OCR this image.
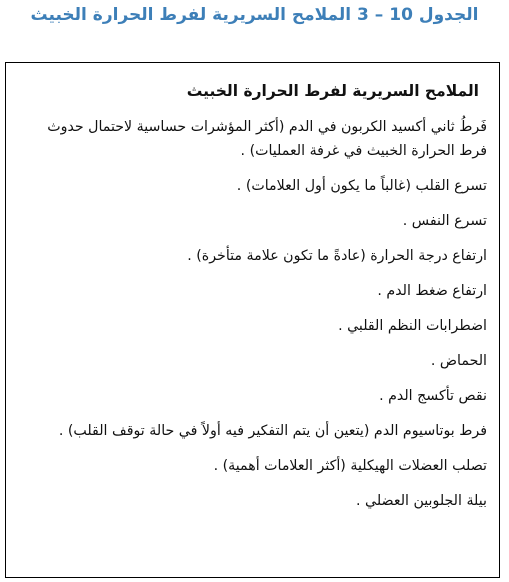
الجدول 10 – 3 الملامح السريرية لفرط الحرارة الخبيث
الملامح السريرية لفرط الحرارة الخبيث
فَرطُ ثاني أكسيد الكربون في الدم (أكثر المؤشرات حساسية لاحتمال حدوث فرط الحرارة الخبيث في غرفة العمليات) .
تسرع القلب (غالباً ما يكون أول العلامات) .
تسرع النفس .
ارتفاع درجة الحرارة (عادةً ما تكون علامة متأخرة) .
ارتفاع ضغط الدم .
اضطرابات النظم القلبي .
الحماض .
نقص تأكسج الدم .
فرط بوتاسيوم الدم (يتعين أن يتم التفكير فيه أولاً في حالة توقف القلب) .
تصلب العضلات الهيكلية (أكثر العلامات أهمية) .
بيلة الجلوبين العضلي .
